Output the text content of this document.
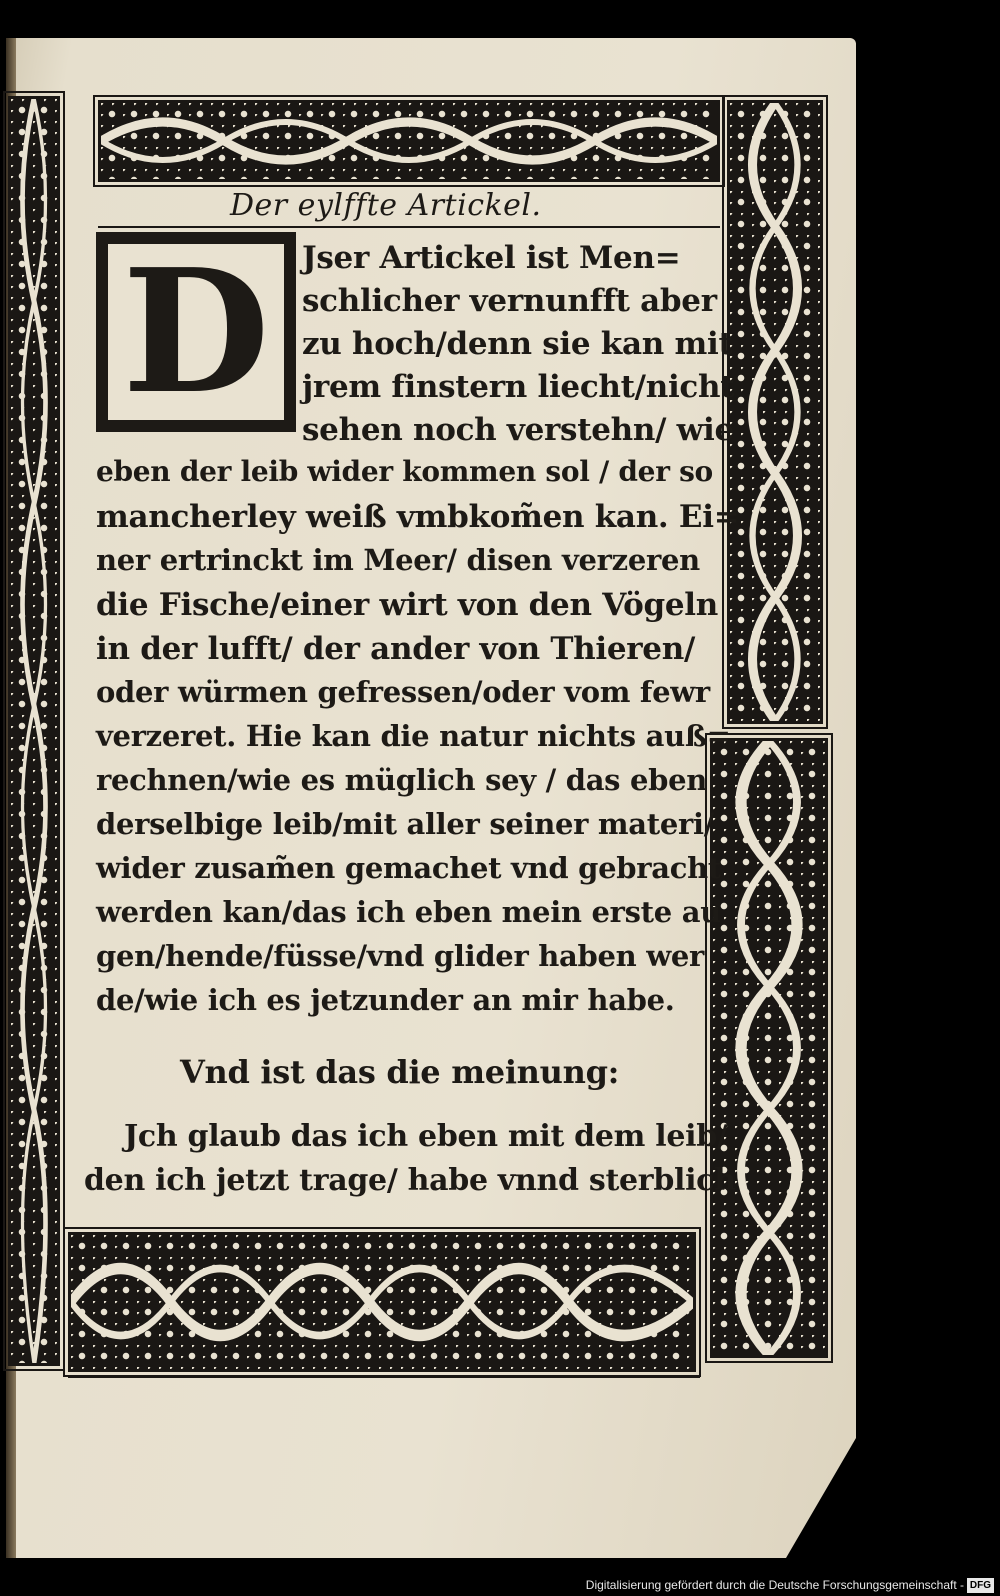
Der eylffte Artickel.
D Jser Artickel ist Men=
schlicher vernunfft aber
zu hoch/denn sie kan mit
jrem finstern liecht/nicht
sehen noch verstehn/ wie
eben der leib wider kommen sol / der so
mancherley weiß vmbkom̃en kan. Ei=
ner ertrinckt im Meer/ disen verzeren
die Fische/einer wirt von den Vögeln
in der lufft/ der ander von Thieren/
oder würmen gefressen/oder vom fewr
verzeret. Hie kan die natur nichts auß=
rechnen/wie es müglich sey / das eben
derselbige leib/mit aller seiner materi/
wider zusam̃en gemachet vnd gebracht
werden kan/das ich eben mein erste au
gen/hende/füsse/vnd glider haben wer
de/wie ich es jetzunder an mir habe.
Vnd ist das die meinung:
Jch glaub das ich eben mit dem leib/
den ich jetzt trage/ habe vnnd sterblich
Digitalisierung gefördert durch die Deutsche Forschungsgemeinschaft - DFG
